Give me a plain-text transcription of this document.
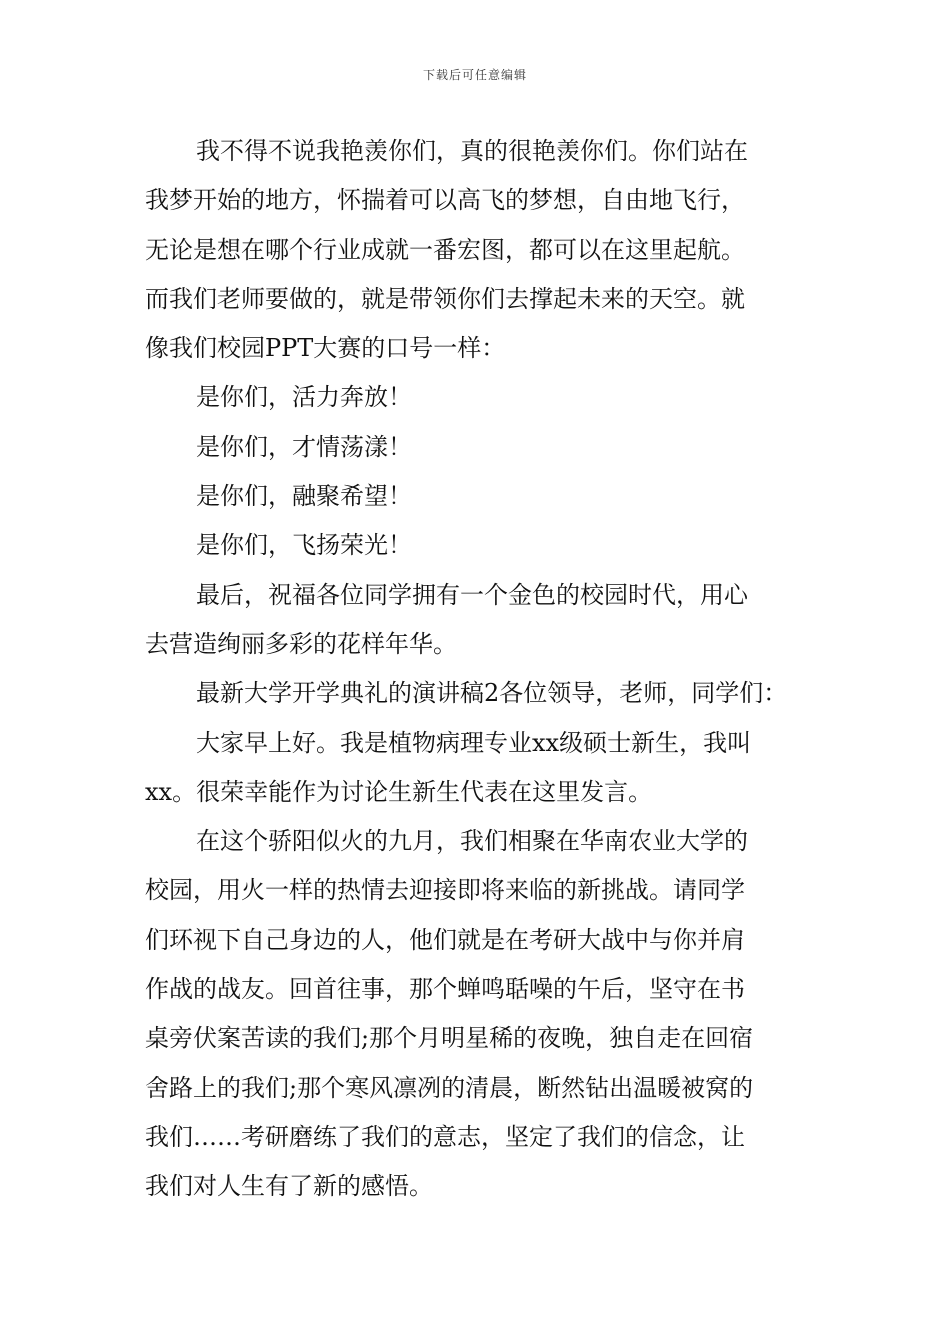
下载后可任意编辑
我不得不说我艳羡你们，真的很艳羡你们。你们站在
我梦开始的地方，怀揣着可以高飞的梦想，自由地飞行，
无论是想在哪个行业成就一番宏图，都可以在这里起航。
而我们老师要做的，就是带领你们去撑起未来的天空。就
像我们校园PPT大赛的口号一样：
是你们，活力奔放！
是你们，才情荡漾！
是你们，融聚希望！
是你们，飞扬荣光！
最后，祝福各位同学拥有一个金色的校园时代，用心
去营造绚丽多彩的花样年华。
最新大学开学典礼的演讲稿2各位领导，老师，同学们：
大家早上好。我是植物病理专业xx级硕士新生，我叫
xx。很荣幸能作为讨论生新生代表在这里发言。
在这个骄阳似火的九月，我们相聚在华南农业大学的
校园，用火一样的热情去迎接即将来临的新挑战。请同学
们环视下自己身边的人，他们就是在考研大战中与你并肩
作战的战友。回首往事，那个蝉鸣聒噪的午后，坚守在书
桌旁伏案苦读的我们;那个月明星稀的夜晚，独自走在回宿
舍路上的我们;那个寒风凛冽的清晨，断然钻出温暖被窝的
我们……考研磨练了我们的意志，坚定了我们的信念，让
我们对人生有了新的感悟。
